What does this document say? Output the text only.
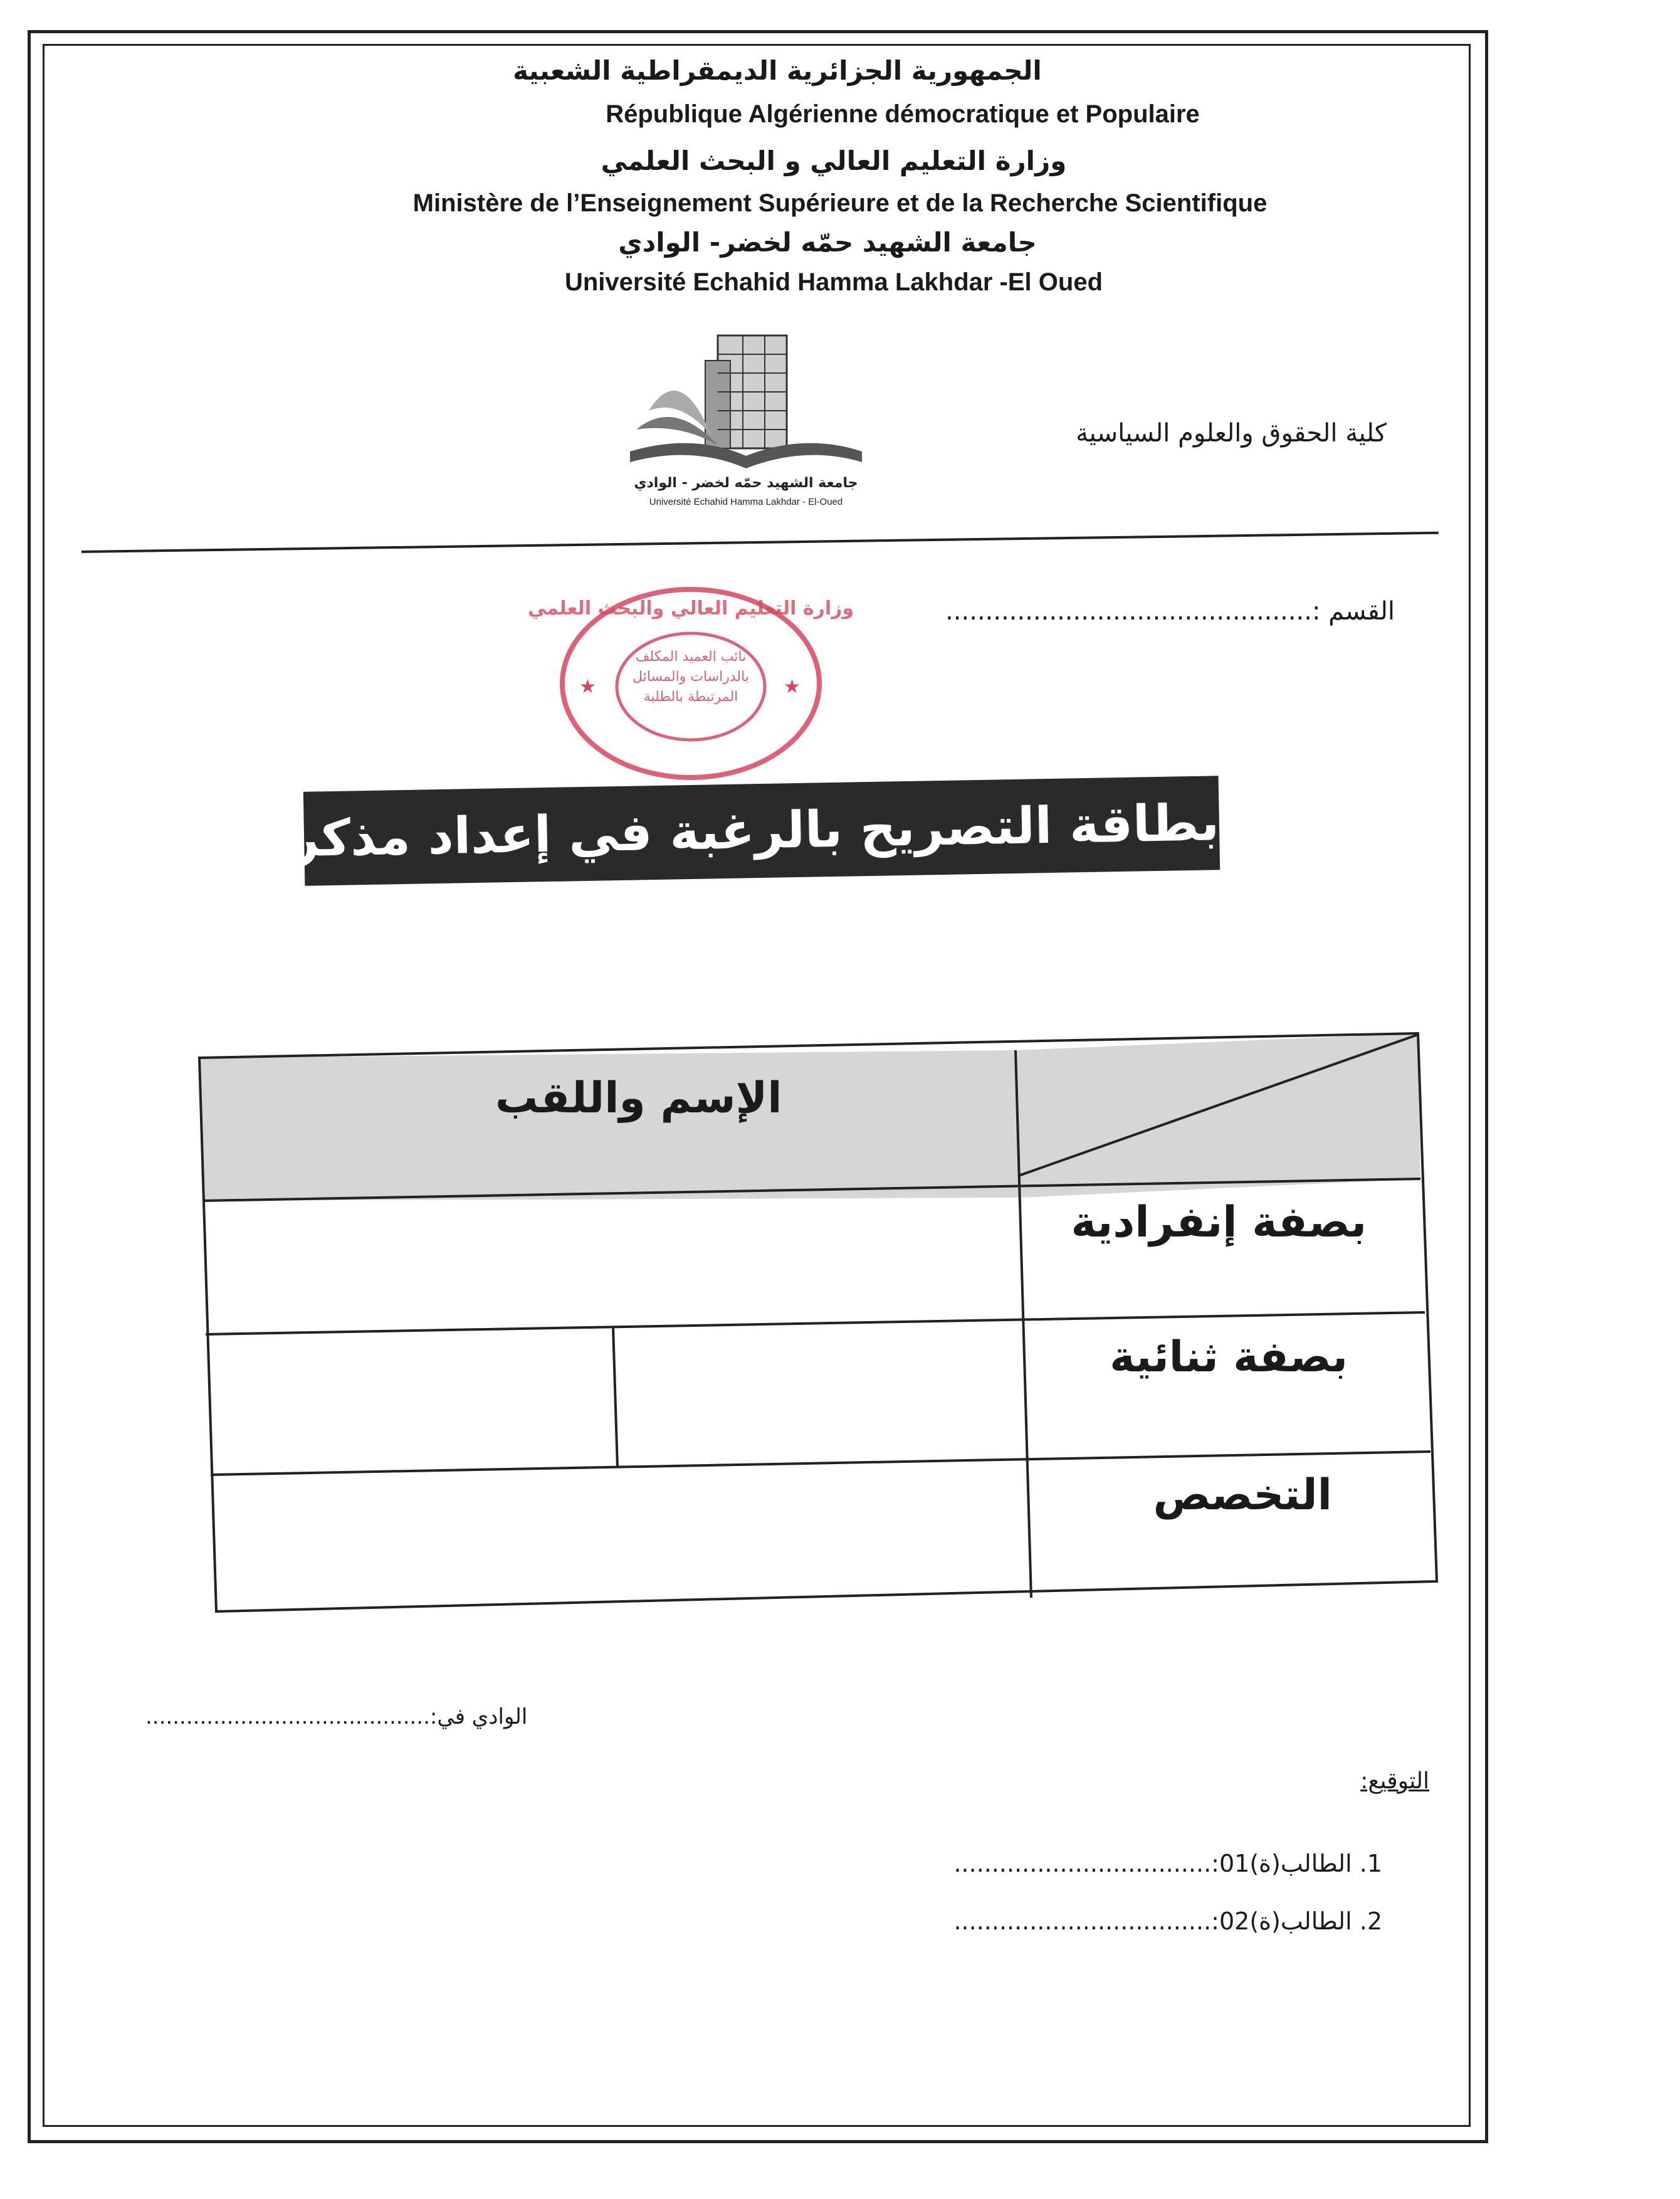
الجمهورية الجزائرية الديمقراطية الشعبية
République Algérienne démocratique et Populaire
وزارة التعليم العالي و البحث العلمي
Ministère de l’Enseignement Supérieure et de la Recherche Scientifique
جامعة الشهيد حمّه لخضر- الوادي
Université Echahid Hamma Lakhdar -El Oued
جامعة الشهيد حمّه لخضر - الوادي
Université Echahid Hamma Lakhdar - El-Oued
كلية الحقوق والعلوم السياسية
القسم :..............................................
وزارة التعليم العالي والبحث العلمي
نائب العميد المكلف بالدراسات والمسائل المرتبطة بالطلبة
★	★
بطاقة التصريح بالرغبة في إعداد مذكرة التخرج
الإسم واللقب
بصفة إنفرادية
بصفة ثنائية
التخصص
الوادي في:..........................................
التوقيع:
1. الطالب(ة)01:..................................
2. الطالب(ة)02:..................................
